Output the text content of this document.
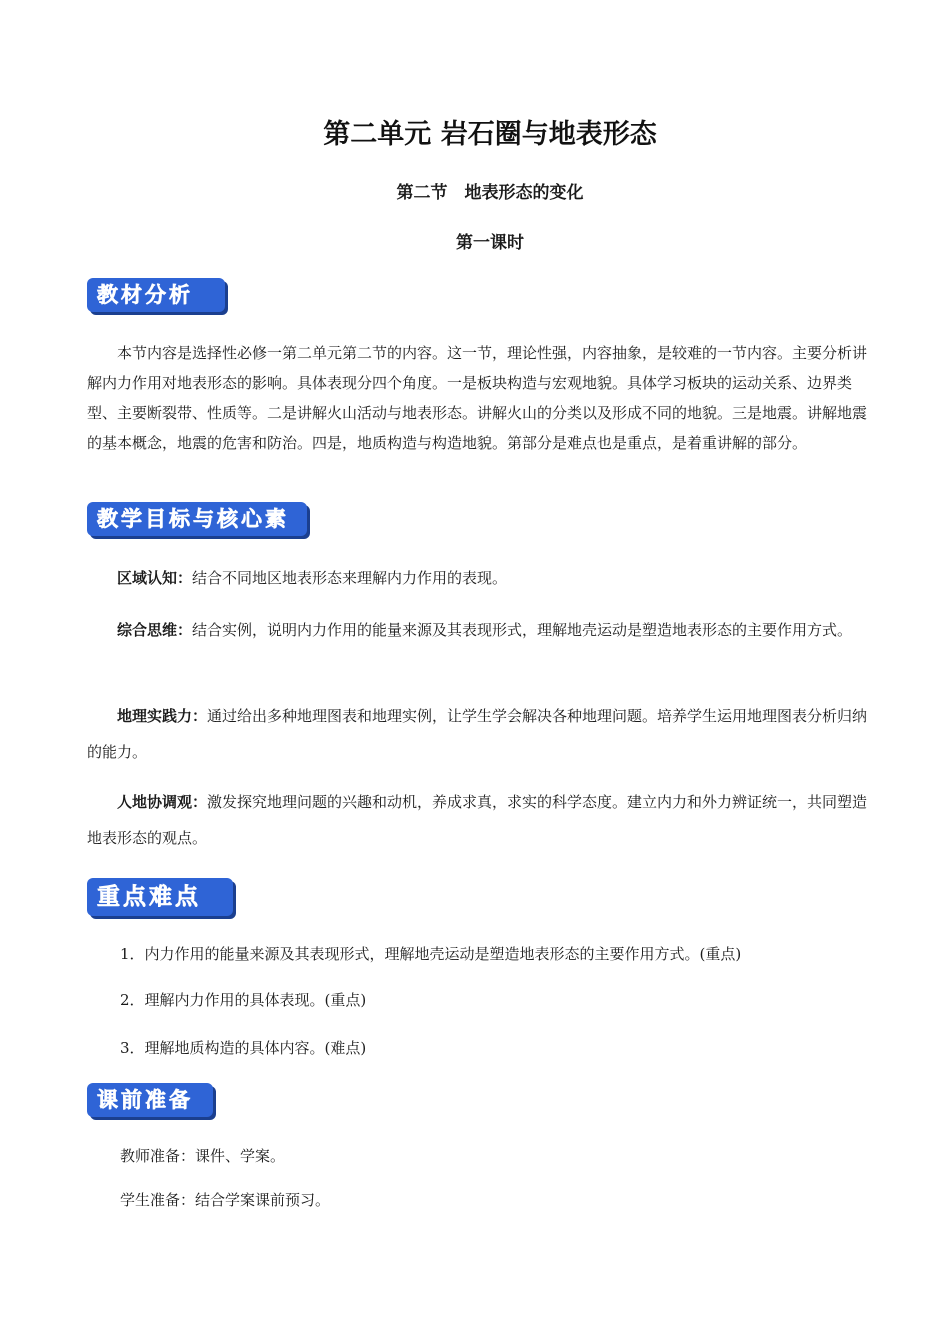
第二单元 岩石圈与地表形态
第二节　地表形态的变化
第一课时
教材分析
本节内容是选择性必修一第二单元第二节的内容。这一节，理论性强，内容抽象，是较难的一节内容。主要分析讲解内力作用对地表形态的影响。具体表现分四个角度。一是板块构造与宏观地貌。具体学习板块的运动关系、边界类型、主要断裂带、性质等。二是讲解火山活动与地表形态。讲解火山的分类以及形成不同的地貌。三是地震。讲解地震的基本概念，地震的危害和防治。四是，地质构造与构造地貌。第部分是难点也是重点，是着重讲解的部分。
教学目标与核心素养
区域认知：结合不同地区地表形态来理解内力作用的表现。
综合思维：结合实例，说明内力作用的能量来源及其表现形式，理解地壳运动是塑造地表形态的主要作用方式。
地理实践力：通过给出多种地理图表和地理实例，让学生学会解决各种地理问题。培养学生运用地理图表分析归纳的能力。
人地协调观：激发探究地理问题的兴趣和动机，养成求真，求实的科学态度。建立内力和外力辨证统一，共同塑造地表形态的观点。
重点难点
1．内力作用的能量来源及其表现形式，理解地壳运动是塑造地表形态的主要作用方式。(重点)
2．理解内力作用的具体表现。(重点)
3．理解地质构造的具体内容。(难点)
课前准备
教师准备：课件、学案。
学生准备：结合学案课前预习。
